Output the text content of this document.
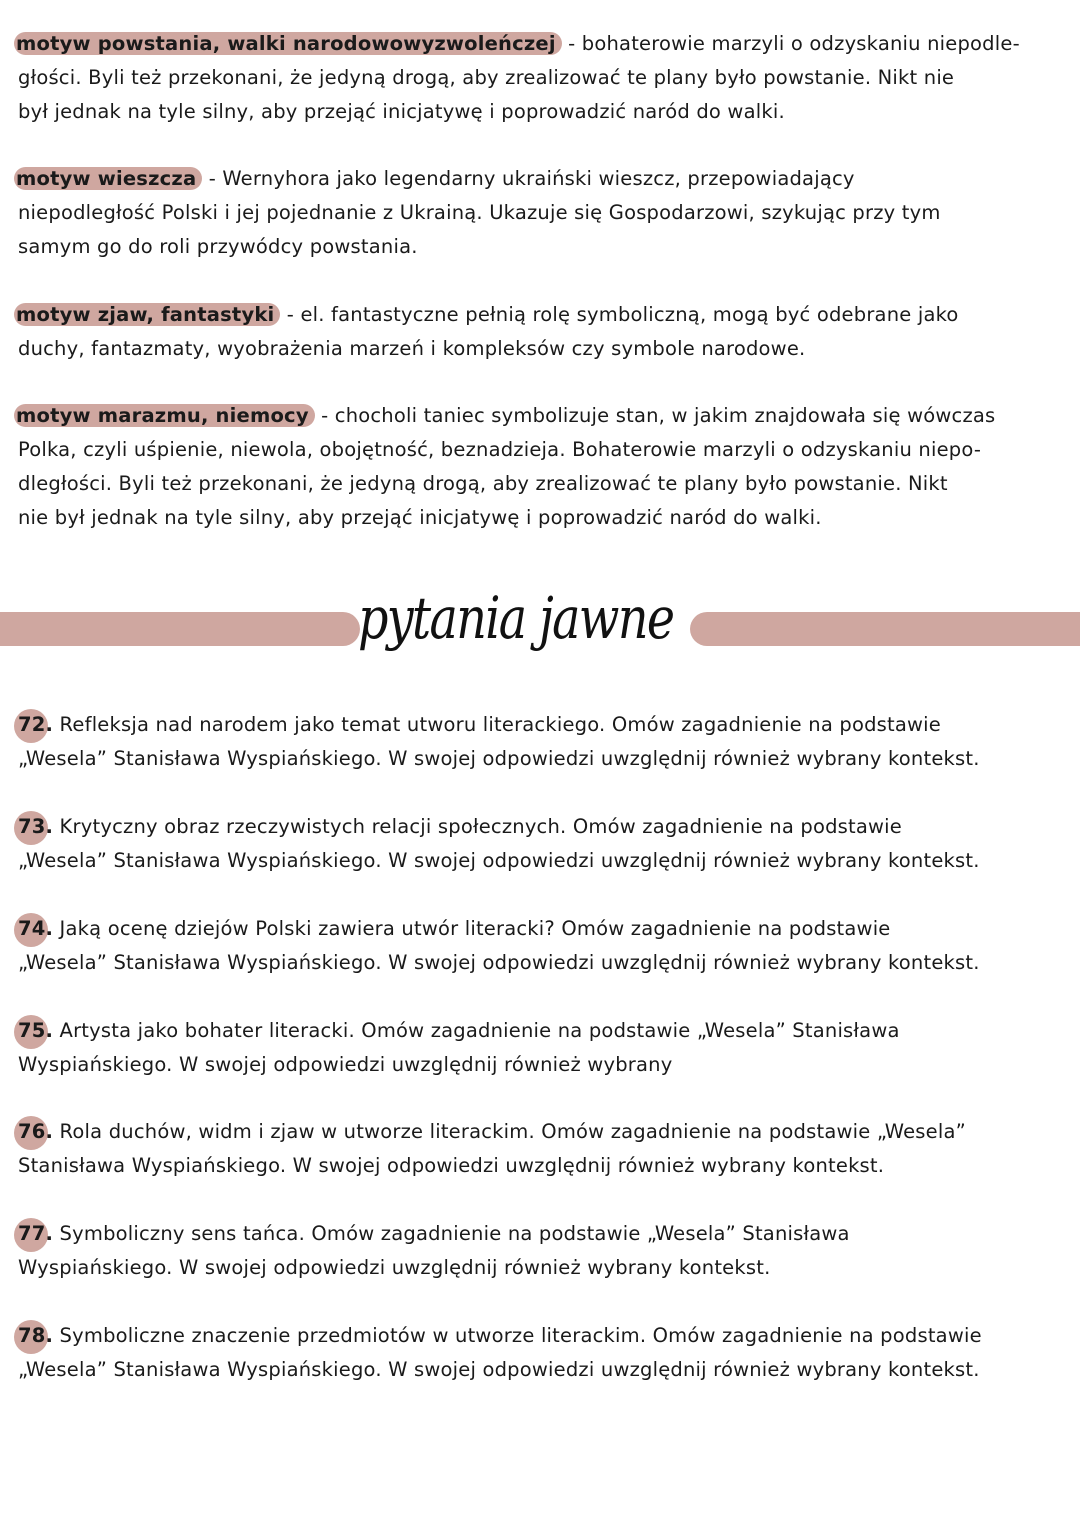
pytania jawne
motyw powstania, walki narodowowyzwoleńczej - bohaterowie marzyli o odzyskaniu niepodle-
głości. Byli też przekonani, że jedyną drogą, aby zrealizować te plany było powstanie. Nikt nie
był jednak na tyle silny, aby przejąć inicjatywę i poprowadzić naród do walki.
motyw wieszcza - Wernyhora jako legendarny ukraiński wieszcz, przepowiadający
niepodległość Polski i jej pojednanie z Ukrainą. Ukazuje się Gospodarzowi, szykując przy tym
samym go do roli przywódcy powstania.
motyw zjaw, fantastyki - el. fantastyczne pełnią rolę symboliczną, mogą być odebrane jako
duchy, fantazmaty, wyobrażenia marzeń i kompleksów czy symbole narodowe.
motyw marazmu, niemocy - chocholi taniec symbolizuje stan, w jakim znajdowała się wówczas
Polka, czyli uśpienie, niewola, obojętność, beznadzieja. Bohaterowie marzyli o odzyskaniu niepo-
dległości. Byli też przekonani, że jedyną drogą, aby zrealizować te plany było powstanie. Nikt
nie był jednak na tyle silny, aby przejąć inicjatywę i poprowadzić naród do walki.
72. Refleksja nad narodem jako temat utworu literackiego. Omów zagadnienie na podstawie
„Wesela” Stanisława Wyspiańskiego. W swojej odpowiedzi uwzględnij również wybrany kontekst.
73. Krytyczny obraz rzeczywistych relacji społecznych. Omów zagadnienie na podstawie
„Wesela” Stanisława Wyspiańskiego. W swojej odpowiedzi uwzględnij również wybrany kontekst.
74. Jaką ocenę dziejów Polski zawiera utwór literacki? Omów zagadnienie na podstawie
„Wesela” Stanisława Wyspiańskiego. W swojej odpowiedzi uwzględnij również wybrany kontekst.
75. Artysta jako bohater literacki. Omów zagadnienie na podstawie „Wesela” Stanisława
Wyspiańskiego. W swojej odpowiedzi uwzględnij również wybrany
76. Rola duchów, widm i zjaw w utworze literackim. Omów zagadnienie na podstawie „Wesela”
Stanisława Wyspiańskiego. W swojej odpowiedzi uwzględnij również wybrany kontekst.
77. Symboliczny sens tańca. Omów zagadnienie na podstawie „Wesela” Stanisława
Wyspiańskiego. W swojej odpowiedzi uwzględnij również wybrany kontekst.
78. Symboliczne znaczenie przedmiotów w utworze literackim. Omów zagadnienie na podstawie
„Wesela” Stanisława Wyspiańskiego. W swojej odpowiedzi uwzględnij również wybrany kontekst.
